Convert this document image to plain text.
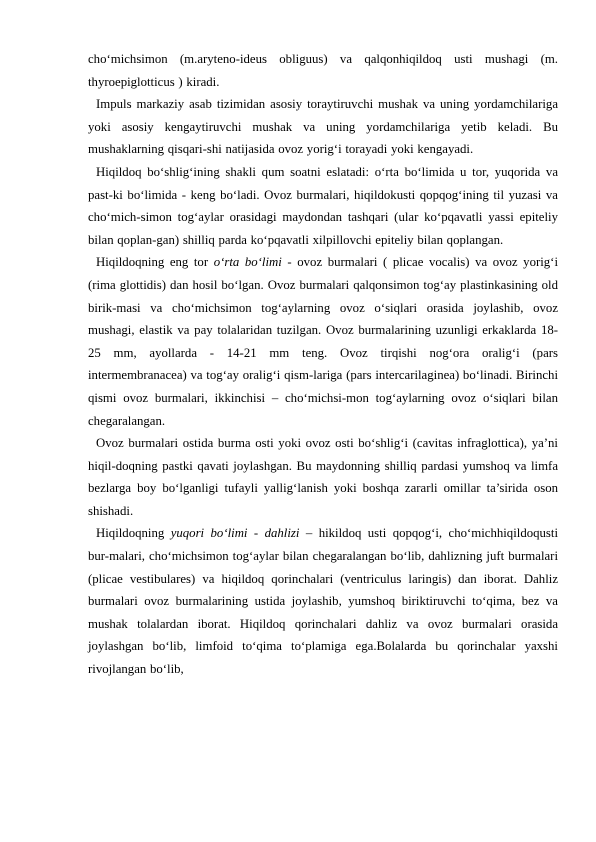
cho‘michsimon (m.aryteno-ideus obliguus) va qalqonhiqildoq usti mushagi (m. thyroepiglotticus ) kiradi.

Impuls markaziy asab tizimidan asosiy toraytiruvchi mushak va uning yordamchilariga yoki asosiy kengaytiruvchi mushak va uning yordamchilariga yetib keladi. Bu mushaklarning qisqari-shi natijasida ovoz yorig‘i torayadi yoki kengayadi.

Hiqildoq bo‘shlig‘ining shakli qum soatni eslatadi: o‘rta bo‘limida u tor, yuqorida va past-ki bo‘limida - keng bo‘ladi. Ovoz burmalari, hiqildokusti qopqog‘ining til yuzasi va cho‘mich-simon tog‘aylar orasidagi maydondan tashqari (ular ko‘pqavatli yassi epiteliy bilan qoplan-gan) shilliq parda ko‘pqavatli xilpillovchi epiteliy bilan qoplangan.

Hiqildoqning eng tor o‘rta bo‘limi - ovoz burmalari ( plicae vocalis) va ovoz yorig‘i (rima glottidis) dan hosil bo‘lgan. Ovoz burmalari qalqonsimon tog‘ay plastinkasining old birik-masi va cho‘michsimon tog‘aylarning ovoz o‘siqlari orasida joylashib, ovoz mushagi, elastik va pay tolalaridan tuzilgan. Ovoz burmalarining uzunligi erkaklarda 18-25 mm, ayollarda - 14-21 mm teng. Ovoz tirqishi nog‘ora oralig‘i (pars intermembranacea) va tog‘ay oralig‘i qism-lariga (pars intercarilaginea) bo‘linadi. Birinchi qismi ovoz burmalari, ikkinchisi – cho‘michsi-mon tog‘aylarning ovoz o‘siqlari bilan chegaralangan.

Ovoz burmalari ostida burma osti yoki ovoz osti bo‘shlig‘i (cavitas infraglottica), ya’ni hiqil-doqning pastki qavati joylashgan. Bu maydonning shilliq pardasi yumshoq va limfa bezlarga boy bo‘lganligi tufayli yallig‘lanish yoki boshqa zararli omillar ta’sirida oson shishadi.

Hiqildoqning yuqori bo‘limi - dahlizi – hikildoq usti qopqog‘i, cho‘michhiqildoqusti bur-malari, cho‘michsimon tog‘aylar bilan chegaralangan bo‘lib, dahlizning juft burmalari (plicae vestibulares) va hiqildoq qorinchalari (ventriculus laringis) dan iborat. Dahliz burmalari ovoz burmalarining ustida joylashib, yumshoq biriktiruvchi to‘qima, bez va mushak tolalardan iborat. Hiqildoq qorinchalari dahliz va ovoz burmalari orasida joylashgan bo‘lib, limfoid to‘qima to‘plamiga ega.Bolalarda bu qorinchalar yaxshi rivojlangan bo‘lib,
